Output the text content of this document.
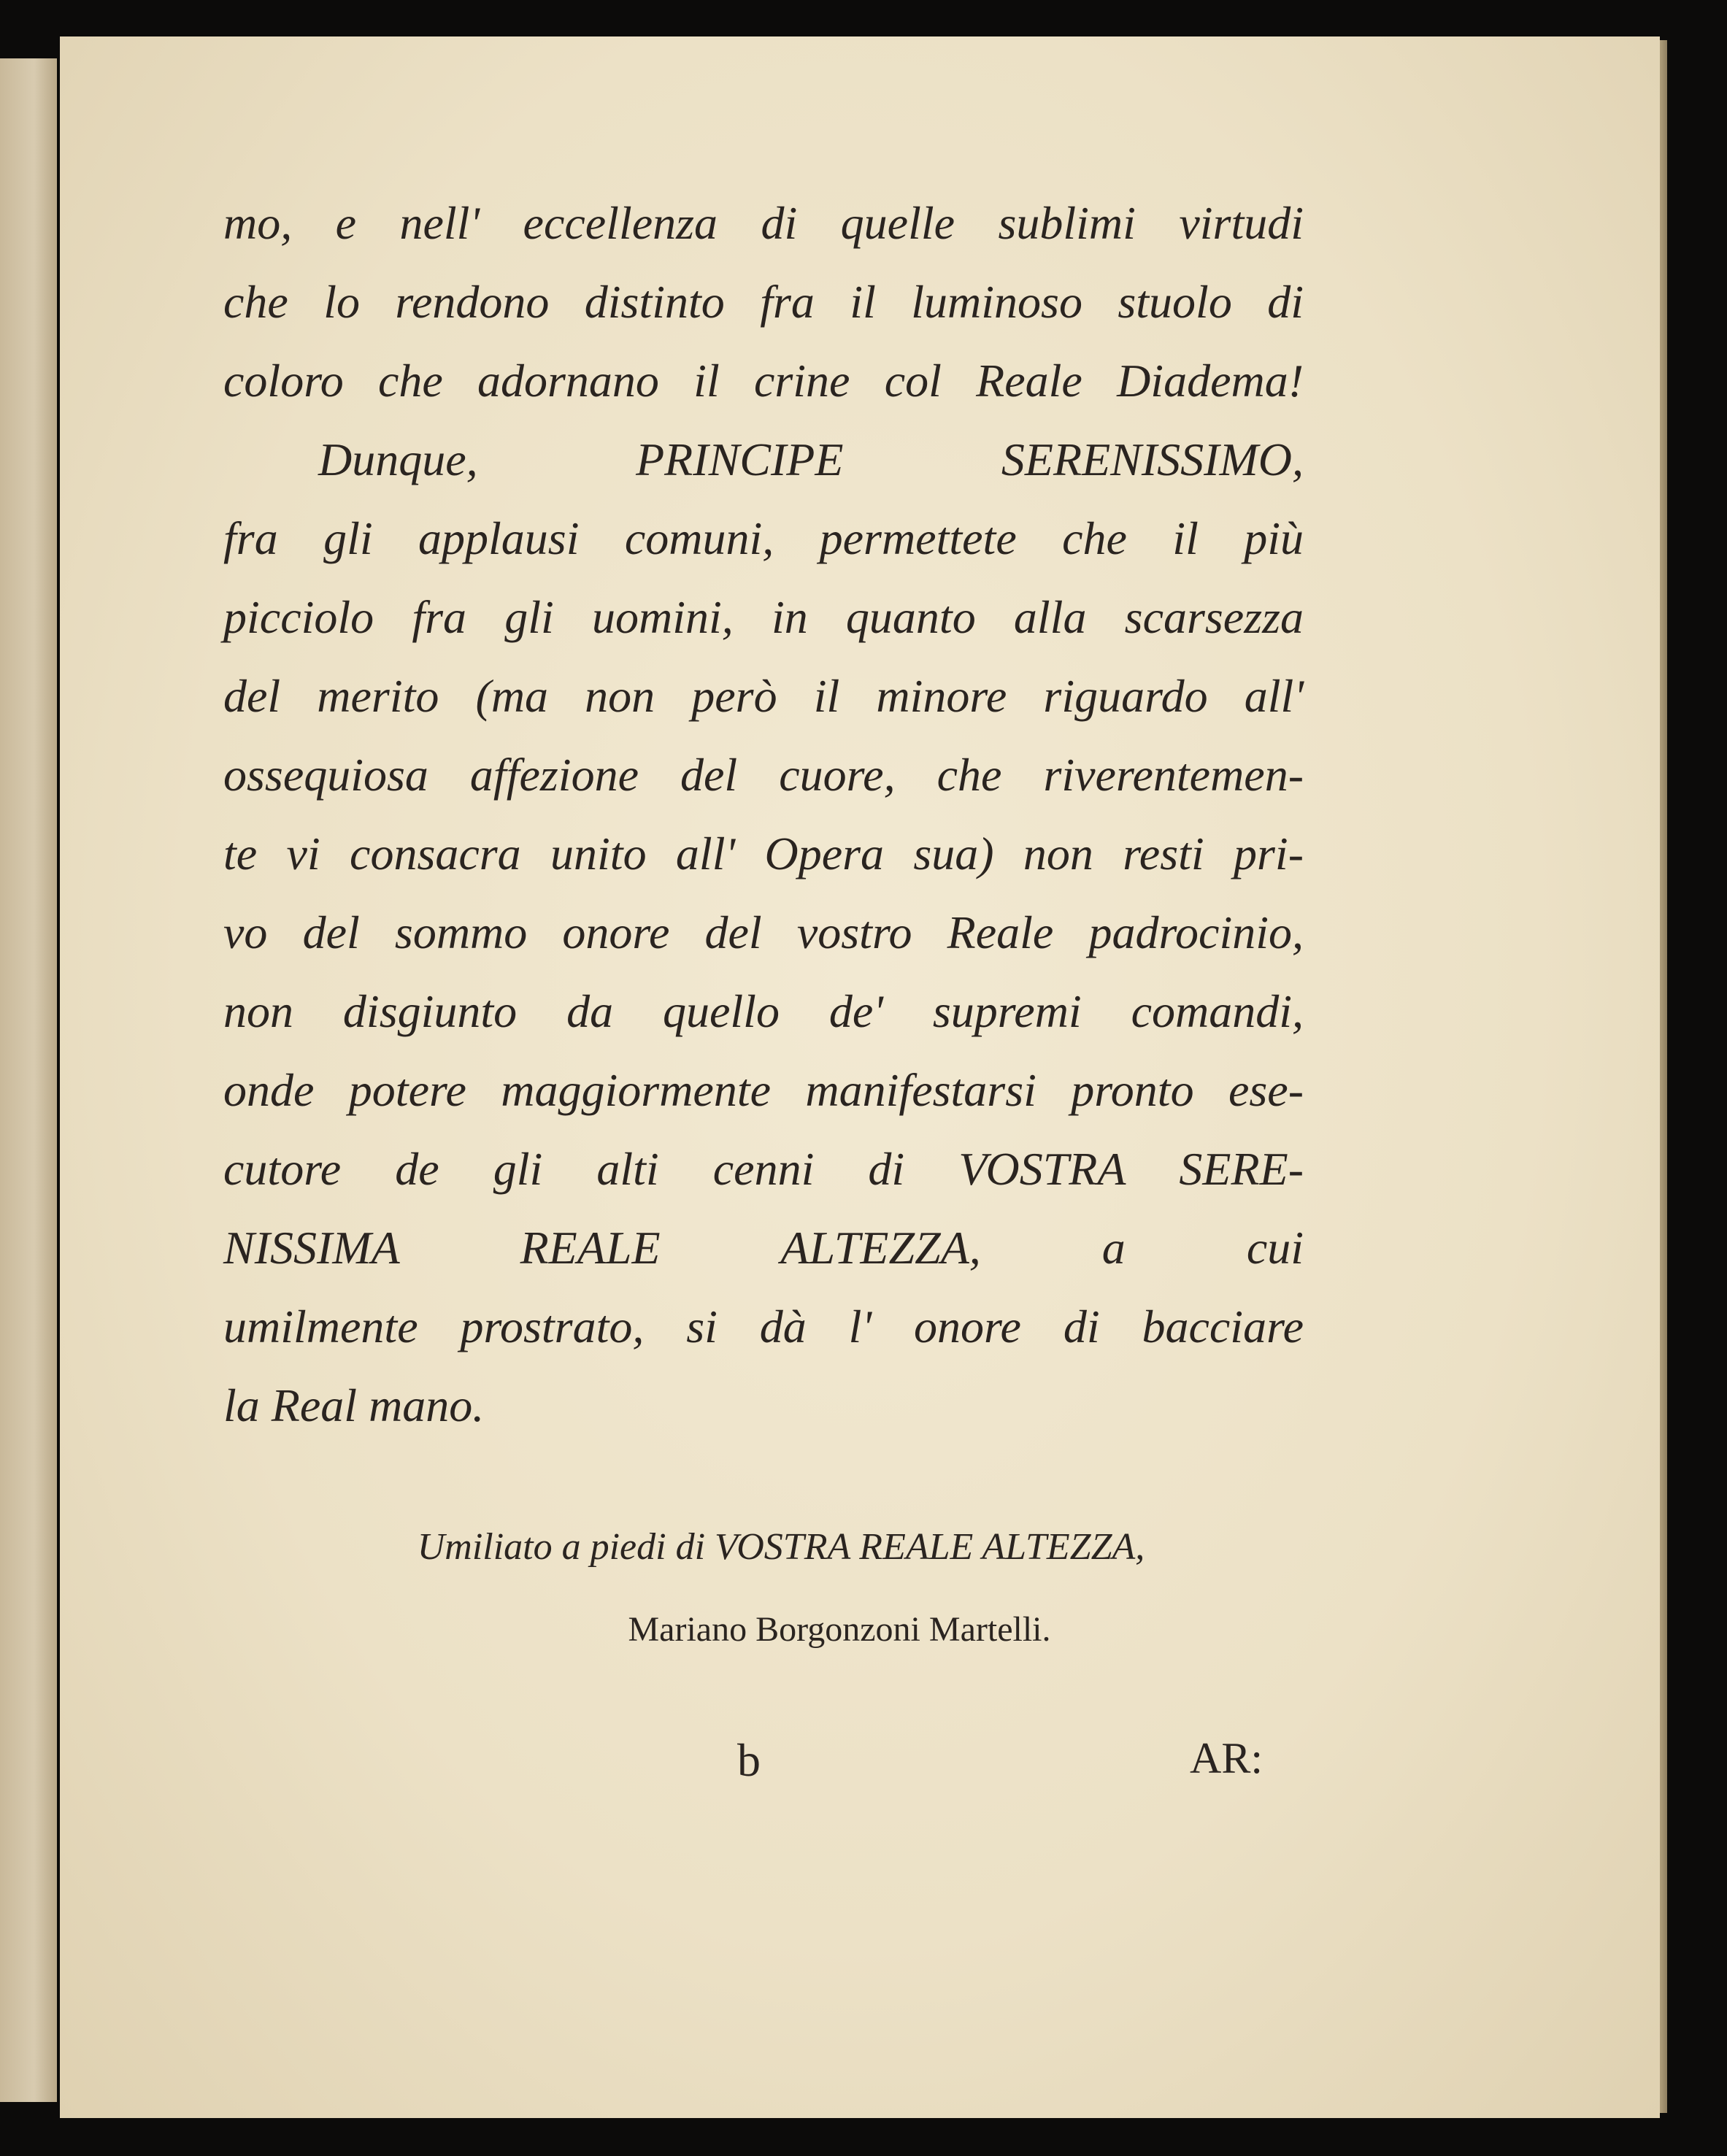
mo, e nell' eccellenza di quelle sublimi virtudi
che lo rendono distinto fra il luminoso stuolo di
coloro che adornano il crine col Reale Diadema!
Dunque, PRINCIPE SERENISSIMO,
fra gli applausi comuni, permettete che il più
picciolo fra gli uomini, in quanto alla scarsezza
del merito (ma non però il minore riguardo all'
ossequiosa affezione del cuore, che riverentemen-
te vi consacra unito all' Opera sua) non resti pri-
vo del sommo onore del vostro Reale padrocinio,
non disgiunto da quello de' supremi comandi,
onde potere maggiormente manifestarsi pronto ese-
cutore de gli alti cenni di VOSTRA SERE-
NISSIMA REALE ALTEZZA, a cui
umilmente prostrato, si dà l' onore di bacciare
la Real mano.
Umiliato a piedi di VOSTRA REALE ALTEZZA,
Mariano Borgonzoni Martelli.
b	AR:
